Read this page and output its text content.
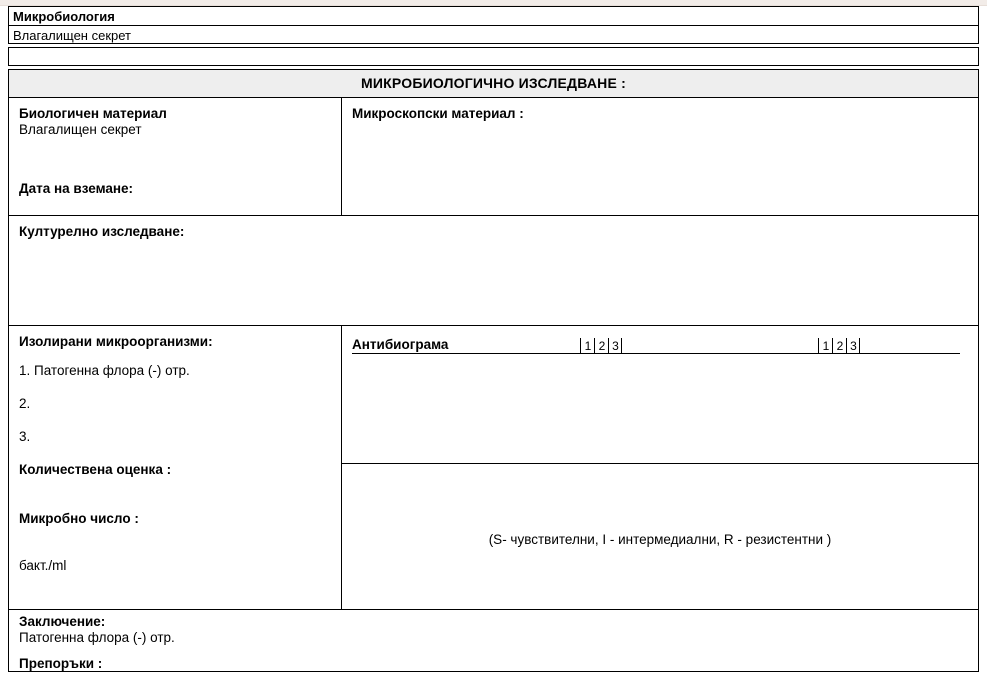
Микробиология
Влагалищен секрет
МИКРОБИОЛОГИЧНО ИЗСЛЕДВАНЕ :
Биологичен материал
Влагалищен секрет
Дата на вземане:
Микроскопски материал :
Културелно изследване:
Изолирани микроорганизми:
1. Патогенна флора (-) отр.
2.
3.
Количествена оценка :
Микробно число :
бакт./ml
Антибиограма	1 2 3	1 2 3
(S- чувствителни, I - интермедиални, R - резистентни )
Заключение:
Патогенна флора (-) отр.
Препоръки :
